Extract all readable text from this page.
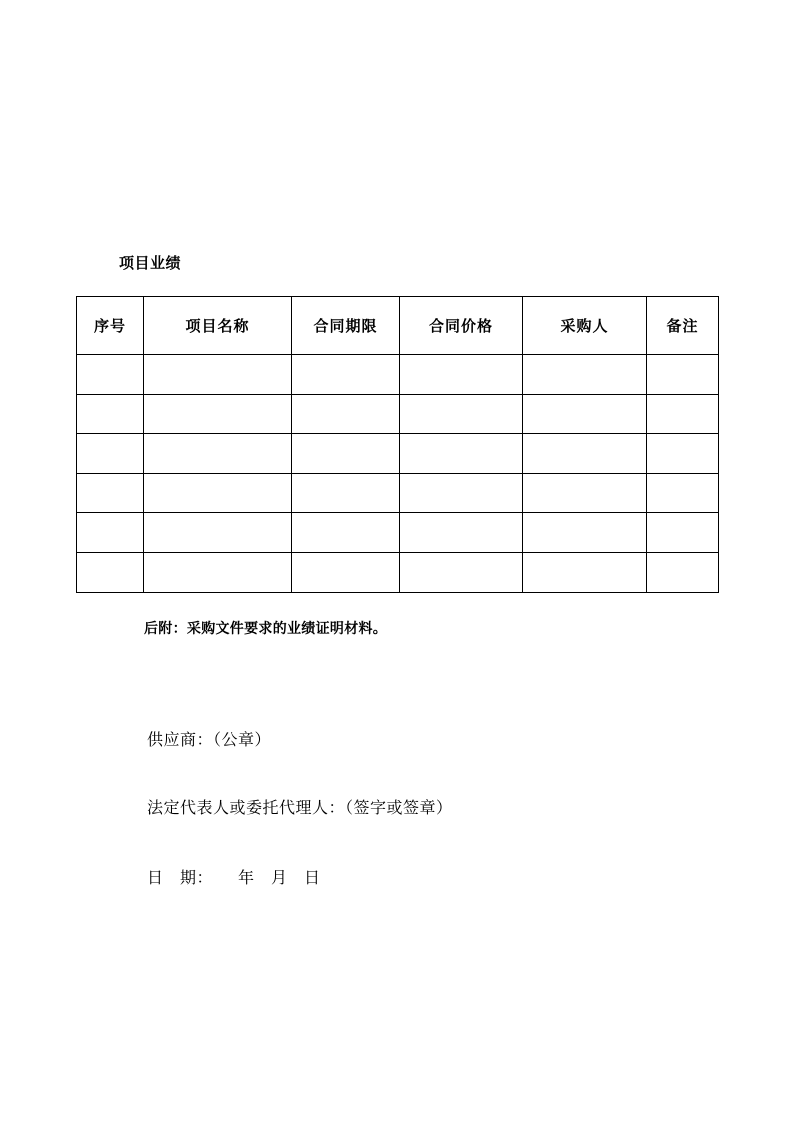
项目业绩
序号	项目名称	合同期限	合同价格	采购人	备注

后附：采购文件要求的业绩证明材料。
供应商：（公章）
法定代表人或委托代理人：（签字或签章）
日　期：　　年　月　日
